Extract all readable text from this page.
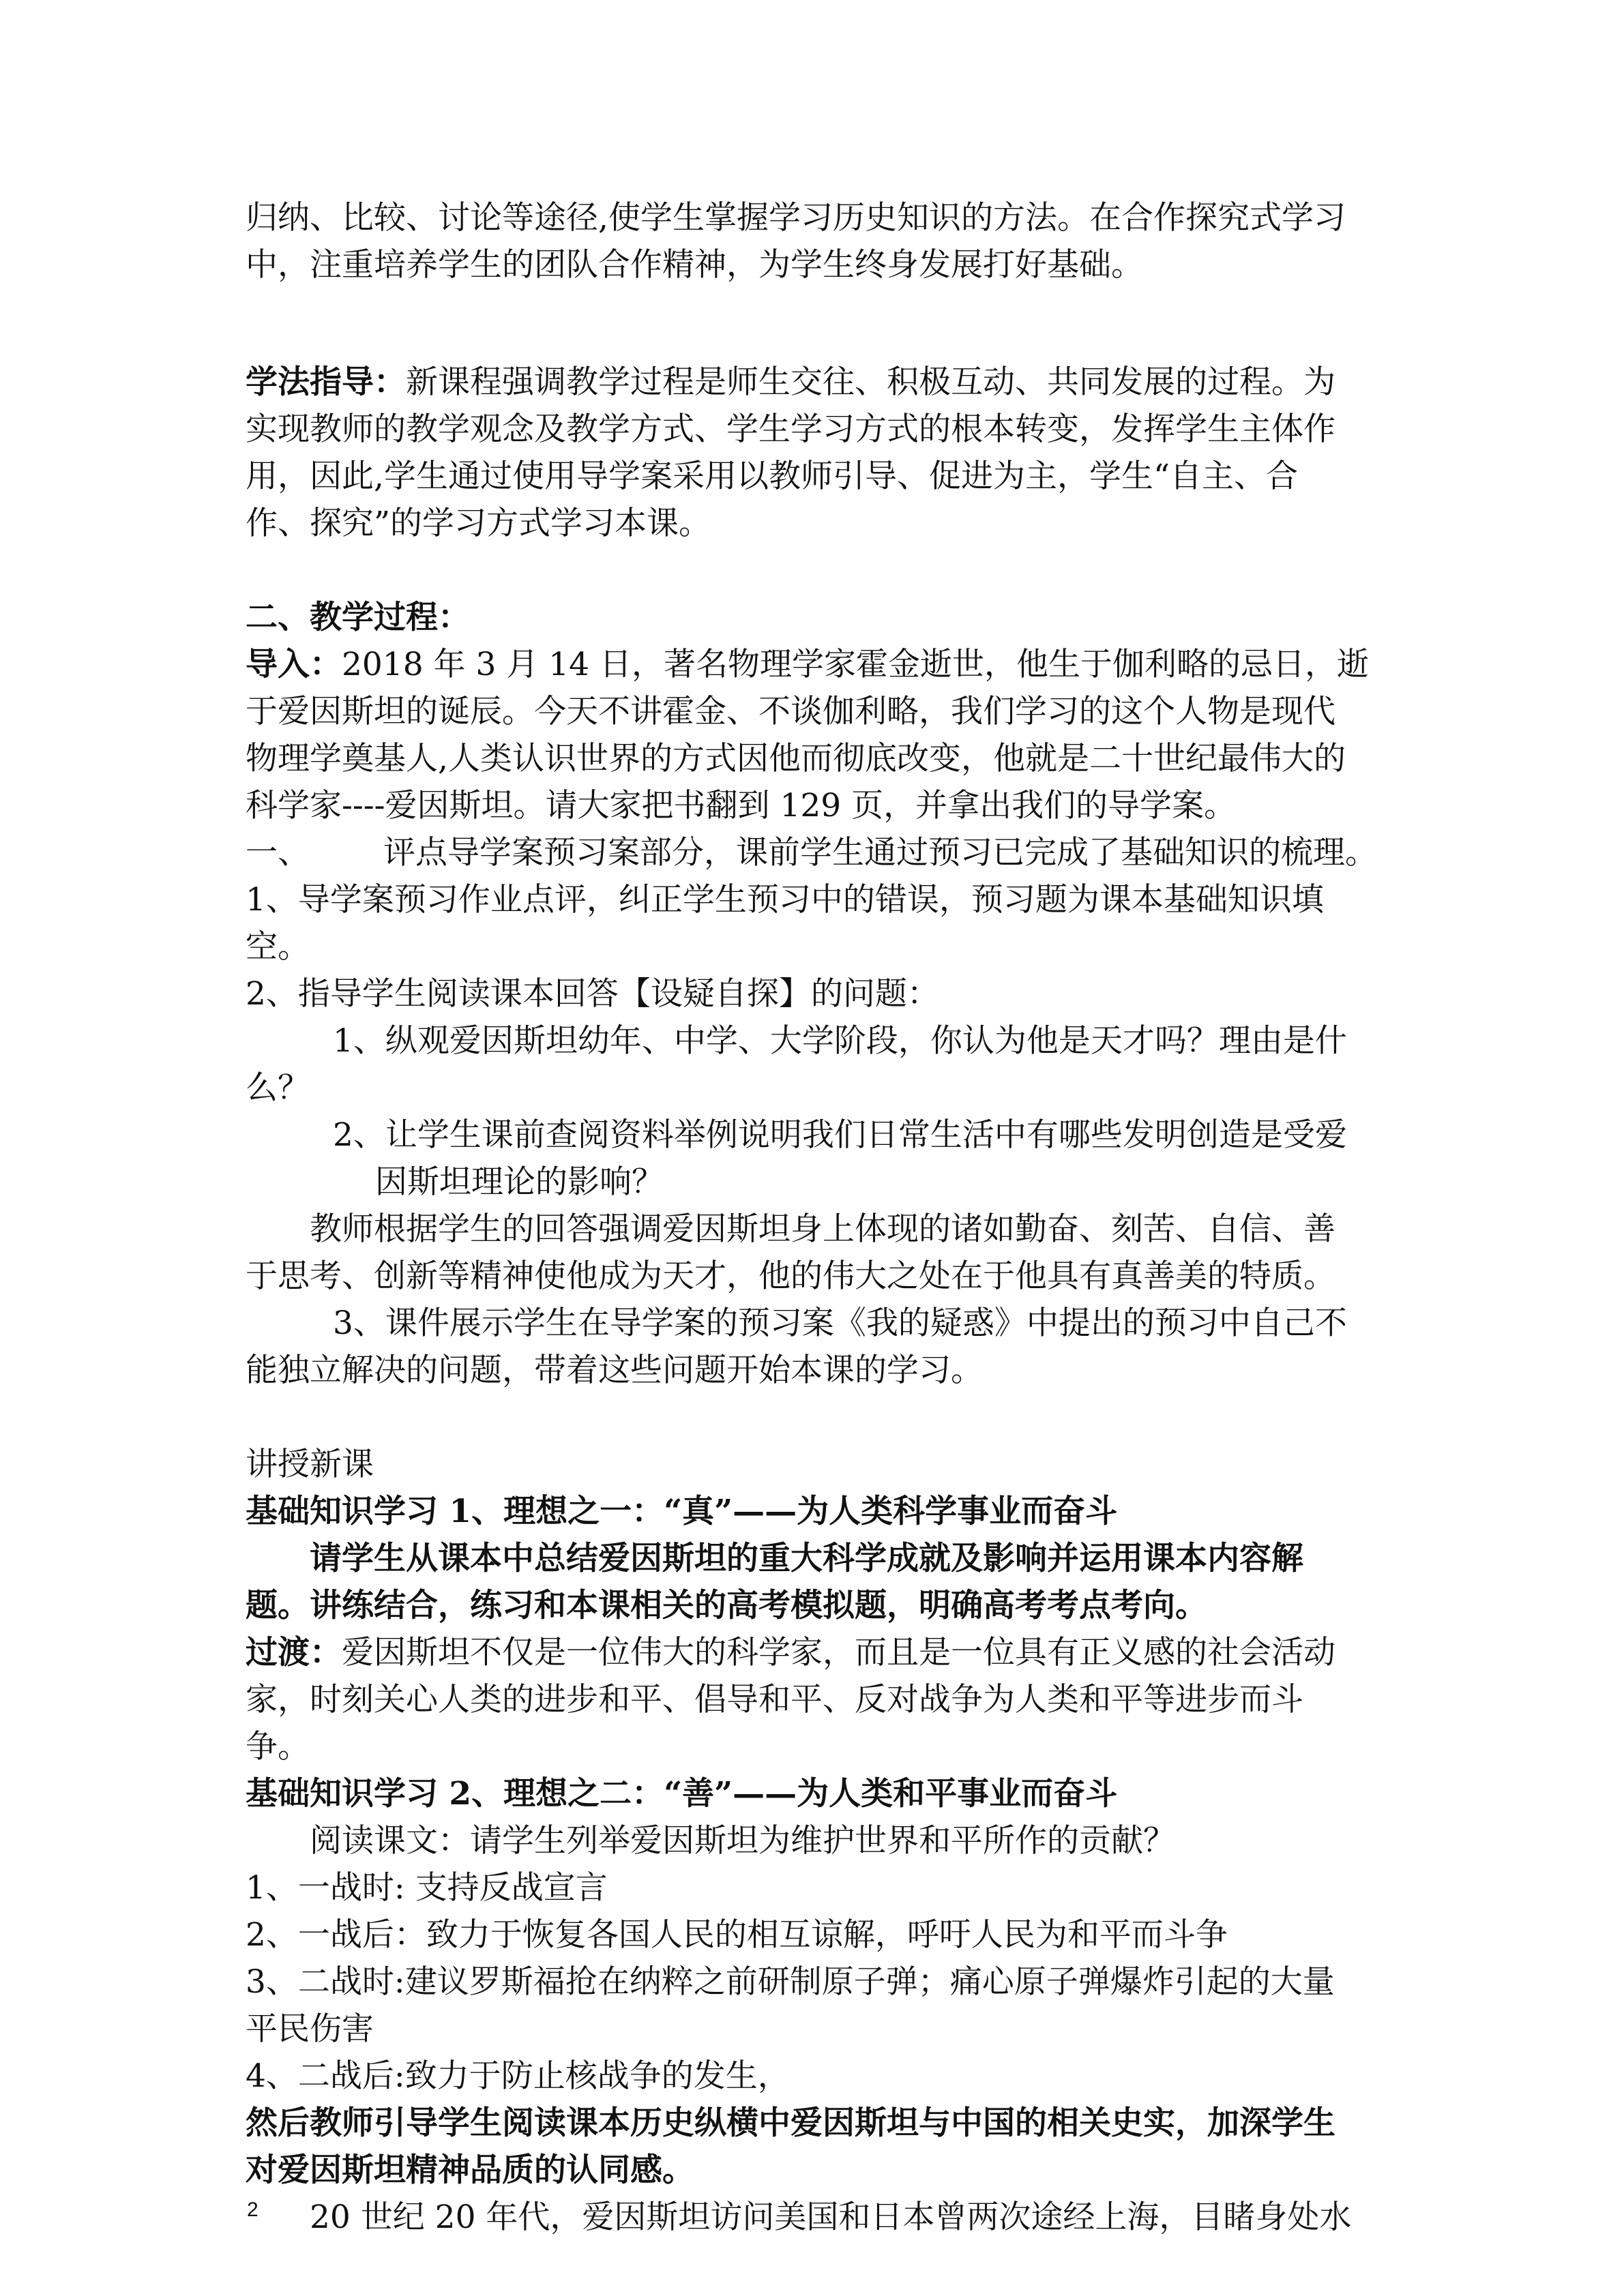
归纳、比较、讨论等途径,使学生掌握学习历史知识的方法。在合作探究式学习
中，注重培养学生的团队合作精神，为学生终身发展打好基础。
学法指导：新课程强调教学过程是师生交往、积极互动、共同发展的过程。为
实现教师的教学观念及教学方式、学生学习方式的根本转变，发挥学生主体作
用，因此,学生通过使用导学案采用以教师引导、促进为主，学生“自主、合
作、探究”的学习方式学习本课。
二、教学过程：
导入：2018 年 3 月 14 日，著名物理学家霍金逝世，他生于伽利略的忌日，逝
于爱因斯坦的诞辰。今天不讲霍金、不谈伽利略，我们学习的这个人物是现代
物理学奠基人,人类认识世界的方式因他而彻底改变，他就是二十世纪最伟大的
科学家----爱因斯坦。请大家把书翻到 129 页，并拿出我们的导学案。
一、 评点导学案预习案部分，课前学生通过预习已完成了基础知识的梳理。
1、导学案预习作业点评，纠正学生预习中的错误，预习题为课本基础知识填
空。
2、指导学生阅读课本回答【设疑自探】的问题：
1、纵观爱因斯坦幼年、中学、大学阶段，你认为他是天才吗？理由是什
么？
2、让学生课前查阅资料举例说明我们日常生活中有哪些发明创造是受爱
因斯坦理论的影响？
教师根据学生的回答强调爱因斯坦身上体现的诸如勤奋、刻苦、自信、善
于思考、创新等精神使他成为天才，他的伟大之处在于他具有真善美的特质。
3、课件展示学生在导学案的预习案《我的疑惑》中提出的预习中自己不
能独立解决的问题，带着这些问题开始本课的学习。
讲授新课
基础知识学习 1、理想之一：“真”——为人类科学事业而奋斗
请学生从课本中总结爱因斯坦的重大科学成就及影响并运用课本内容解
题。讲练结合，练习和本课相关的高考模拟题，明确高考考点考向。
过渡：爱因斯坦不仅是一位伟大的科学家，而且是一位具有正义感的社会活动
家，时刻关心人类的进步和平、倡导和平、反对战争为人类和平等进步而斗
争。
基础知识学习 2、理想之二：“善”——为人类和平事业而奋斗
阅读课文：请学生列举爱因斯坦为维护世界和平所作的贡献？
1、一战时: 支持反战宣言
2、一战后：致力于恢复各国人民的相互谅解，呼吁人民为和平而斗争
3、二战时:建议罗斯福抢在纳粹之前研制原子弹；痛心原子弹爆炸引起的大量
平民伤害
4、二战后:致力于防止核战争的发生，
然后教师引导学生阅读课本历史纵横中爱因斯坦与中国的相关史实，加深学生
对爱因斯坦精神品质的认同感。
20 世纪 20 年代，爱因斯坦访问美国和日本曾两次途经上海，目睹身处水
2
